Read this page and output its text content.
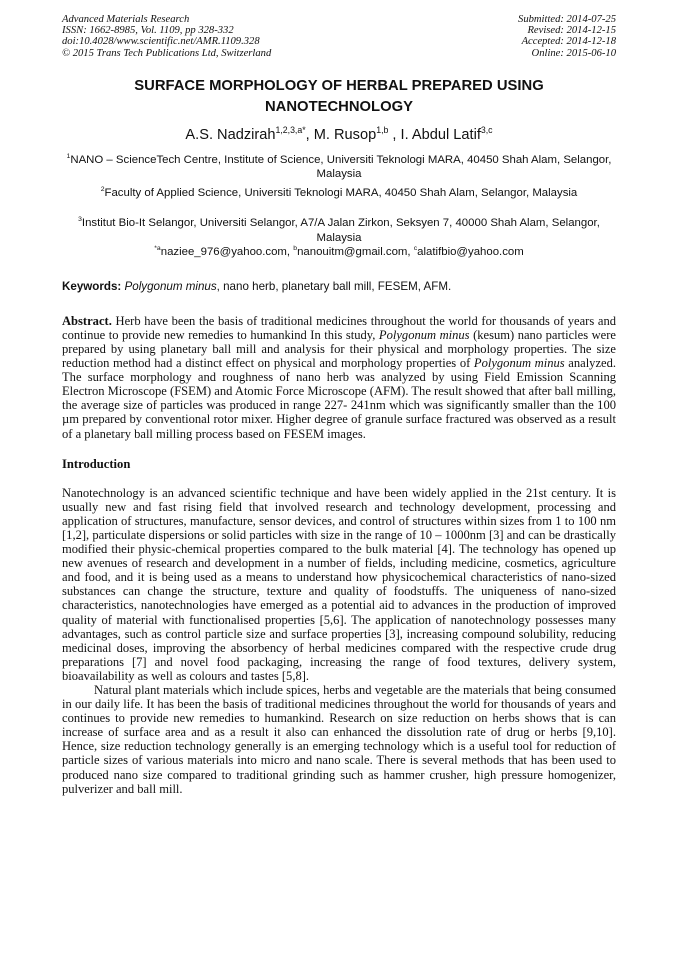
Advanced Materials Research
ISSN: 1662-8985, Vol. 1109, pp 328-332
doi:10.4028/www.scientific.net/AMR.1109.328
© 2015 Trans Tech Publications Ltd, Switzerland
Submitted: 2014-07-25
Revised: 2014-12-15
Accepted: 2014-12-18
Online: 2015-06-10
SURFACE MORPHOLOGY OF HERBAL PREPARED USING NANOTECHNOLOGY
A.S. Nadzirah$^{1,2,3,a*}$, M. Rusop$^{1,b}$ , I. Abdul Latif$^{3,c}$
$^1$NANO – ScienceTech Centre, Institute of Science, Universiti Teknologi MARA, 40450 Shah Alam, Selangor, Malaysia
$^2$Faculty of Applied Science, Universiti Teknologi MARA, 40450 Shah Alam, Selangor, Malaysia
$^3$Institut Bio-It Selangor, Universiti Selangor, A7/A Jalan Zirkon, Seksyen 7, 40000 Shah Alam, Selangor, Malaysia
$^{*a}$naziee_976@yahoo.com, $^b$nanouitm@gmail.com, $^c$alatifbio@yahoo.com
Keywords: Polygonum minus, nano herb, planetary ball mill, FESEM, AFM.

Abstract. Herb have been the basis of traditional medicines throughout the world for thousands of years and continue to provide new remedies to humankind In this study, Polygonum minus (kesum) nano particles were prepared by using planetary ball mill and analysis for their physical and morphology properties. The size reduction method had a distinct effect on physical and morphology properties of Polygonum minus analyzed. The surface morphology and roughness of nano herb was analyzed by using Field Emission Scanning Electron Microscope (FSEM) and Atomic Force Microscope (AFM). The result showed that after ball milling, the average size of particles was produced in range 227- 241nm which was significantly smaller than the 100 µm prepared by conventional rotor mixer. Higher degree of granule surface fractured was observed as a result of a planetary ball milling process based on FESEM images.

Introduction

Nanotechnology is an advanced scientific technique and have been widely applied in the 21st century. It is usually new and fast rising field that involved research and technology development, processing and application of structures, manufacture, sensor devices, and control of structures within sizes from 1 to 100 nm [1,2], particulate dispersions or solid particles with size in the range of 10 – 1000nm [3] and can be drastically modified their physic-chemical properties compared to the bulk material [4]. The technology has opened up new avenues of research and development in a number of fields, including medicine, cosmetics, agriculture and food, and it is being used as a means to understand how physicochemical characteristics of nano-sized substances can change the structure, texture and quality of foodstuffs. The uniqueness of nano-sized characteristics, nanotechnologies have emerged as a potential aid to advances in the production of improved quality of material with functionalised properties [5,6]. The application of nanotechnology possesses many advantages, such as control particle size and surface properties [3], increasing compound solubility, reducing medicinal doses, improving the absorbency of herbal medicines compared with the respective crude drug preparations [7] and novel food packaging, increasing the range of food textures, delivery system, bioavailability as well as colours and tastes [5,8].

Natural plant materials which include spices, herbs and vegetable are the materials that being consumed in our daily life. It has been the basis of traditional medicines throughout the world for thousands of years and continues to provide new remedies to humankind. Research on size reduction on herbs shows that is can increase of surface area and as a result it also can enhanced the dissolution rate of drug or herbs [9,10]. Hence, size reduction technology generally is an emerging technology which is a useful tool for reduction of particle sizes of various materials into micro and nano scale. There is several methods that has been used to produced nano size compared to traditional grinding such as hammer crusher, high pressure homogenizer, pulverizer and ball mill.
